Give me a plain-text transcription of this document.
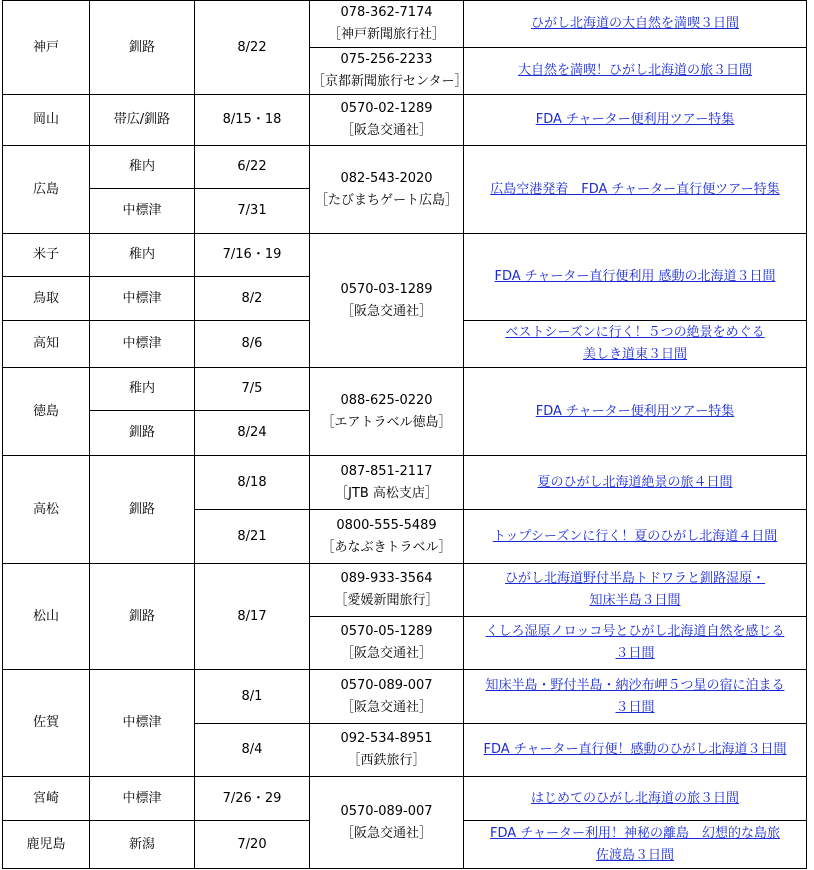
神戸	釧路	8/22	078-362-7174
［神戸新聞旅行社］	ひがし北海道の大自然を満喫３日間

			075-256-2233
［京都新聞旅行センター］	大自然を満喫！ひがし北海道の旅３日間

岡山	帯広/釧路	8/15・18	0570-02-1289
［阪急交通社］	FDA チャーター便利用ツアー特集

広島	稚内	6/22	082-543-2020
［たびまちゲート広島］	広島空港発着　FDA チャーター直行便ツアー特集

	中標津	7/31		
米子	稚内	7/16・19	0570-03-1289
［阪急交通社］	FDA チャーター直行便利用 感動の北海道３日間

鳥取	中標津	8/2		
高知	中標津	8/6		ベストシーズンに行く！５つの絶景をめぐる
美しき道東３日間

徳島	稚内	7/5	088-625-0220
［エアトラベル徳島］	FDA チャーター便利用ツアー特集

	釧路	8/24		
高松	釧路	8/18	087-851-2117
［JTB 高松支店］	夏のひがし北海道絶景の旅４日間

		8/21	0800-555-5489
［あなぶきトラベル］	トップシーズンに行く！夏のひがし北海道４日間

松山	釧路	8/17	089-933-3564
［愛媛新聞旅行］	ひがし北海道野付半島トドワラと釧路湿原・
知床半島３日間

			0570-05-1289
［阪急交通社］	くしろ湿原ノロッコ号とひがし北海道自然を感じる
３日間

佐賀	中標津	8/1	0570-089-007
［阪急交通社］	知床半島・野付半島・納沙布岬５つ星の宿に泊まる
３日間

		8/4	092-534-8951
［西鉄旅行］	FDA チャーター直行便！感動のひがし北海道３日間

宮崎	中標津	7/26・29	0570-089-007
［阪急交通社］	はじめてのひがし北海道の旅３日間

鹿児島	新潟	7/20		FDA チャーター利用！神秘の離島　幻想的な島旅
佐渡島３日間
